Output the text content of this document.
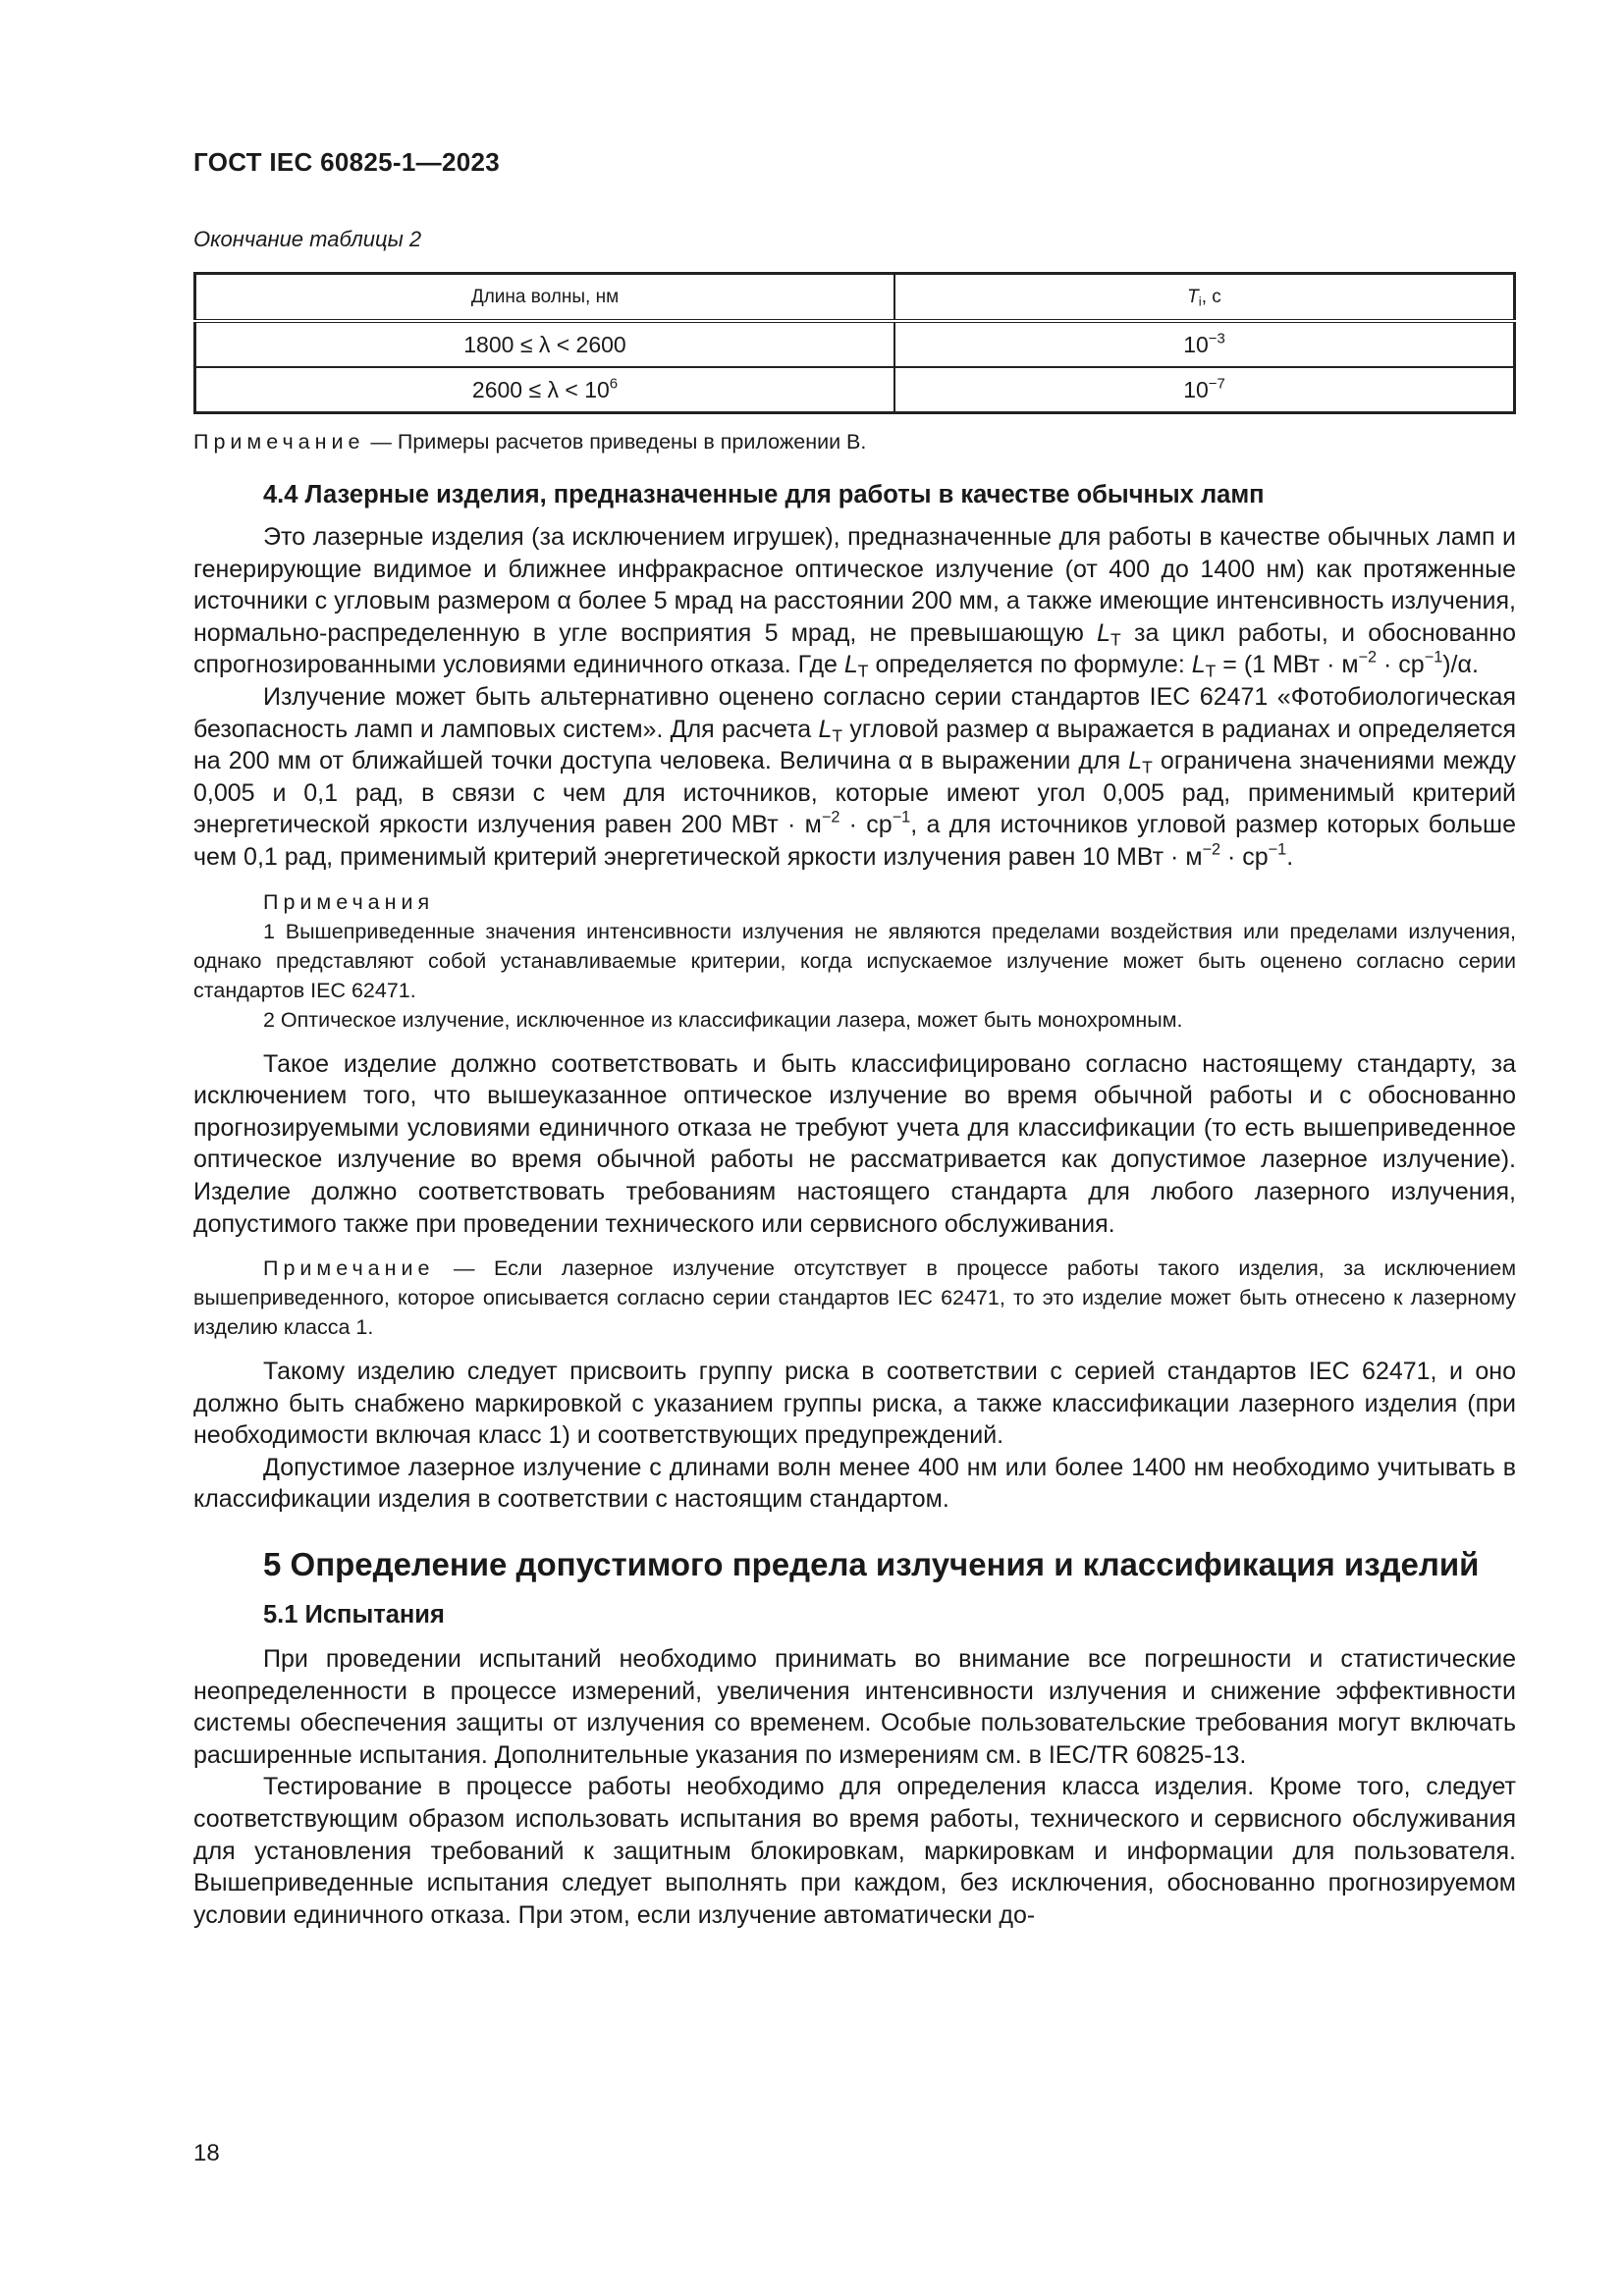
ГОСТ IEC 60825-1—2023
Окончание таблицы 2
Длина волны, нм	$T_i$, с
1800 ≤ λ < 2600	$10^{-3}$
$2600 \le \lambda < 10^6$	$10^{-7}$
Примечание — Примеры расчетов приведены в приложении В.
4.4 Лазерные изделия, предназначенные для работы в качестве обычных ламп

Это лазерные изделия (за исключением игрушек), предназначенные для работы в качестве обычных ламп и генерирующие видимое и ближнее инфракрасное оптическое излучение (от 400 до 1400 нм) как протяженные источники с угловым размером α более 5 мрад на расстоянии 200 мм, а также имеющие интенсивность излучения, нормально-распределенную в угле восприятия 5 мрад, не превышающую $L_T$ за цикл работы, и обоснованно спрогнозированными условиями единичного отказа. Где $L_T$ определяется по формуле: $L_T = (1$ МВт · $м^{-2} \cdot ср^{-1})/\alpha$.

Излучение может быть альтернативно оценено согласно серии стандартов IEC 62471 «Фотобиологическая безопасность ламп и ламповых систем». Для расчета $L_T$ угловой размер α выражается в радианах и определяется на 200 мм от ближайшей точки доступа человека. Величина α в выражении для $L_T$ ограничена значениями между 0,005 и 0,1 рад, в связи с чем для источников, которые имеют угол 0,005 рад, применимый критерий энергетической яркости излучения равен 200 МВт · $м^{-2} \cdot ср^{-1}$, а для источников угловой размер которых больше чем 0,1 рад, применимый критерий энергетической яркости излучения равен 10 МВт · $м^{-2} \cdot ср^{-1}$.

Примечания

1 Вышеприведенные значения интенсивности излучения не являются пределами воздействия или пределами излучения, однако представляют собой устанавливаемые критерии, когда испускаемое излучение может быть оценено согласно серии стандартов IEC 62471.

2 Оптическое излучение, исключенное из классификации лазера, может быть монохромным.

Такое изделие должно соответствовать и быть классифицировано согласно настоящему стандарту, за исключением того, что вышеуказанное оптическое излучение во время обычной работы и с обоснованно прогнозируемыми условиями единичного отказа не требуют учета для классификации (то есть вышеприведенное оптическое излучение во время обычной работы не рассматривается как допустимое лазерное излучение). Изделие должно соответствовать требованиям настоящего стандарта для любого лазерного излучения, допустимого также при проведении технического или сервисного обслуживания.

Примечание — Если лазерное излучение отсутствует в процессе работы такого изделия, за исключением вышеприведенного, которое описывается согласно серии стандартов IEC 62471, то это изделие может быть отнесено к лазерному изделию класса 1.

Такому изделию следует присвоить группу риска в соответствии с серией стандартов IEC 62471, и оно должно быть снабжено маркировкой с указанием группы риска, а также классификации лазерного изделия (при необходимости включая класс 1) и соответствующих предупреждений.

Допустимое лазерное излучение с длинами волн менее 400 нм или более 1400 нм необходимо учитывать в классификации изделия в соответствии с настоящим стандартом.

5 Определение допустимого предела излучения и классификация изделий
5.1 Испытания

При проведении испытаний необходимо принимать во внимание все погрешности и статистические неопределенности в процессе измерений, увеличения интенсивности излучения и снижение эффективности системы обеспечения защиты от излучения со временем. Особые пользовательские требования могут включать расширенные испытания. Дополнительные указания по измерениям см. в IEC/TR 60825-13.

Тестирование в процессе работы необходимо для определения класса изделия. Кроме того, следует соответствующим образом использовать испытания во время работы, технического и сервисного обслуживания для установления требований к защитным блокировкам, маркировкам и информации для пользователя. Вышеприведенные испытания следует выполнять при каждом, без исключения, обоснованно прогнозируемом условии единичного отказа. При этом, если излучение автоматически до-

18
